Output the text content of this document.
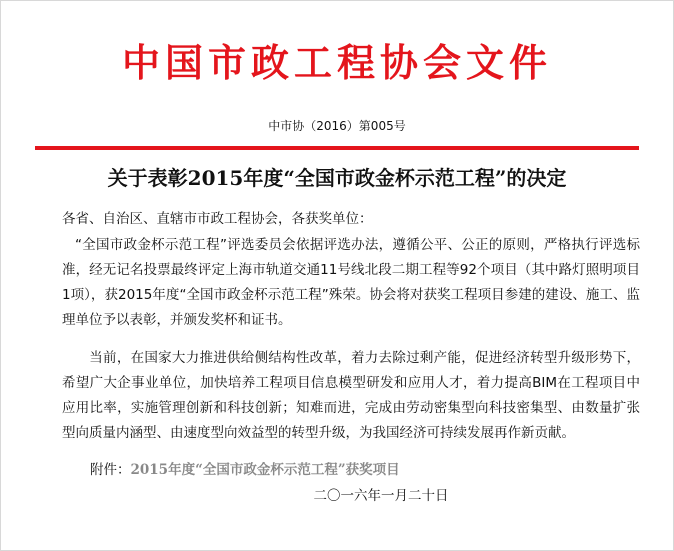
中国市政工程协会文件
中市协（2016）第005号
关于表彰2015年度“全国市政金杯示范工程”的决定
各省、自治区、直辖市市政工程协会，各获奖单位：
“全国市政金杯示范工程”评选委员会依据评选办法，遵循公平、公正的原则，严格执行评选标准，经无记名投票最终评定上海市轨道交通11号线北段二期工程等92个项目（其中路灯照明项目1项），获2015年度“全国市政金杯示范工程”殊荣。协会将对获奖工程项目参建的建设、施工、监理单位予以表彰，并颁发奖杯和证书。
当前，在国家大力推进供给侧结构性改革，着力去除过剩产能，促进经济转型升级形势下，希望广大企事业单位，加快培养工程项目信息模型研发和应用人才，着力提高BIM在工程项目中应用比率，实施管理创新和科技创新；知难而进，完成由劳动密集型向科技密集型、由数量扩张型向质量内涵型、由速度型向效益型的转型升级，为我国经济可持续发展再作新贡献。
附件：2015年度“全国市政金杯示范工程”获奖项目
二〇一六年一月二十日
